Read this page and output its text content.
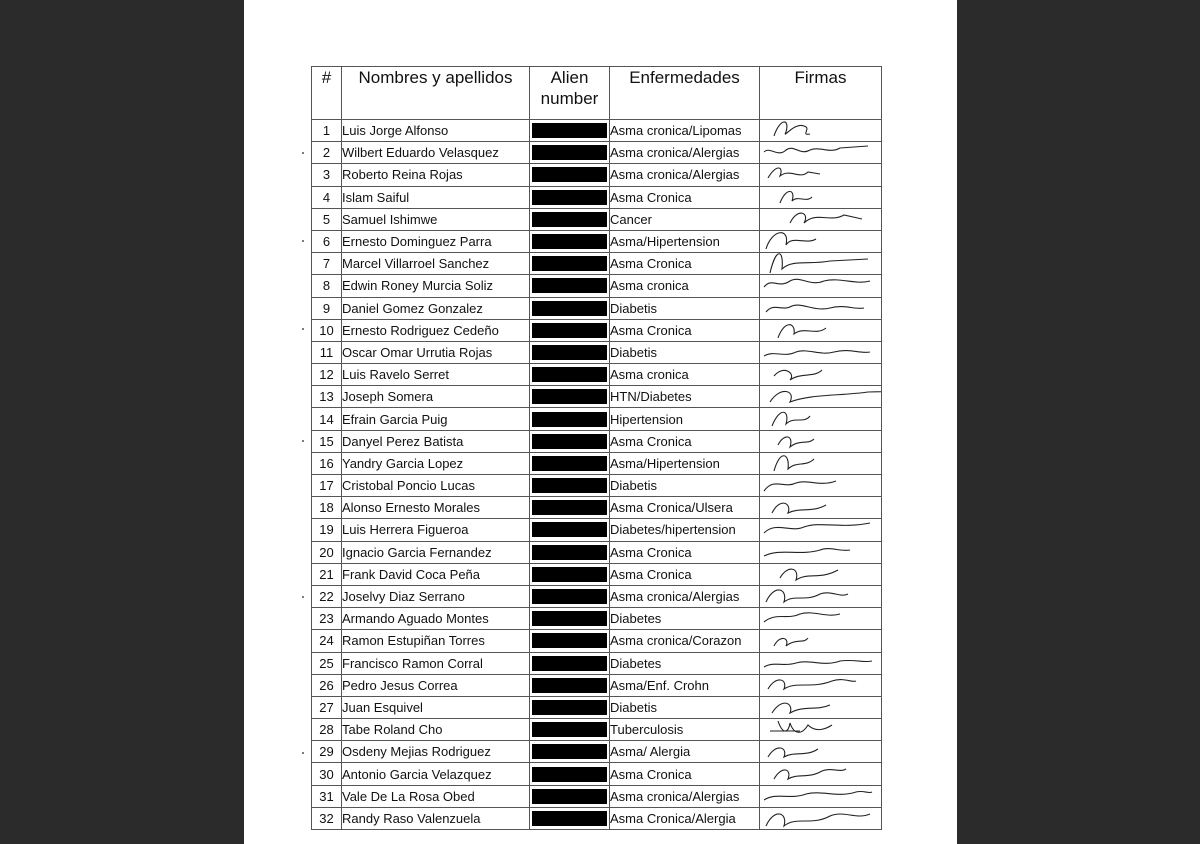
#	Nombres y apellidos	Alien number	Enfermedades	Firmas
1	Luis Jorge Alfonso		Asma cronica/Lipomas	

2	Wilbert Eduardo Velasquez		Asma cronica/Alergias	

3	Roberto Reina Rojas		Asma cronica/Alergias	

4	Islam Saiful		Asma Cronica	

5	Samuel Ishimwe		Cancer	

6	Ernesto Dominguez Parra		Asma/Hipertension	

7	Marcel Villarroel Sanchez		Asma Cronica	

8	Edwin Roney Murcia Soliz		Asma cronica	

9	Daniel Gomez Gonzalez		Diabetis	

10	Ernesto Rodriguez Cedeño		Asma Cronica	

11	Oscar Omar Urrutia Rojas		Diabetis	

12	Luis Ravelo Serret		Asma cronica	

13	Joseph Somera		HTN/Diabetes	

14	Efrain Garcia Puig		Hipertension	

15	Danyel Perez Batista		Asma Cronica	

16	Yandry Garcia Lopez		Asma/Hipertension	

17	Cristobal Poncio Lucas		Diabetis	

18	Alonso Ernesto Morales		Asma Cronica/Ulsera	

19	Luis Herrera Figueroa		Diabetes/hipertension	

20	Ignacio Garcia Fernandez		Asma Cronica	

21	Frank David Coca Peña		Asma Cronica	

22	Joselvy Diaz Serrano		Asma cronica/Alergias	

23	Armando Aguado Montes		Diabetes	

24	Ramon Estupiñan Torres		Asma cronica/Corazon	

25	Francisco Ramon Corral		Diabetes	

26	Pedro Jesus Correa		Asma/Enf. Crohn	

27	Juan Esquivel		Diabetis	

28	Tabe Roland Cho		Tuberculosis	

29	Osdeny Mejias Rodriguez		Asma/ Alergia	

30	Antonio Garcia Velazquez		Asma Cronica	

31	Vale De La Rosa Obed		Asma cronica/Alergias	

32	Randy Raso Valenzuela		Asma Cronica/Alergia	
